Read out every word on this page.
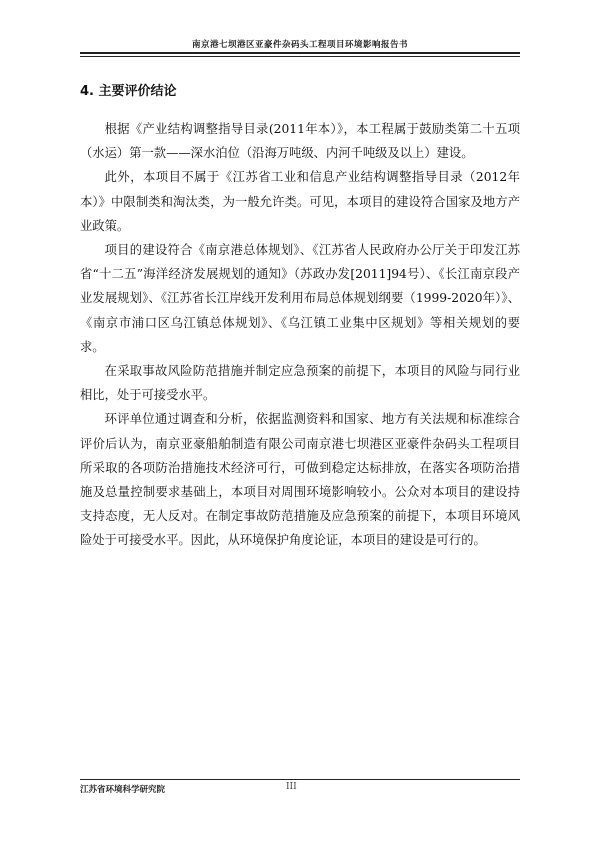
南京港七坝港区亚豪件杂码头工程项目环境影响报告书
4. 主要评价结论

根据《产业结构调整指导目录(2011年本）》，本工程属于鼓励类第二十五项（水运）第一款——深水泊位（沿海万吨级、内河千吨级及以上）建设。

此外，本项目不属于《江苏省工业和信息产业结构调整指导目录（2012年本）》中限制类和淘汰类，为一般允许类。可见，本项目的建设符合国家及地方产业政策。

项目的建设符合《南京港总体规划》、《江苏省人民政府办公厅关于印发江苏省“十二五”海洋经济发展规划的通知》（苏政办发[2011]94号）、《长江南京段产业发展规划》、《江苏省长江岸线开发利用布局总体规划纲要（1999-2020年）》、《南京市浦口区乌江镇总体规划》、《乌江镇工业集中区规划》等相关规划的要求。

在采取事故风险防范措施并制定应急预案的前提下，本项目的风险与同行业相比，处于可接受水平。

环评单位通过调查和分析，依据监测资料和国家、地方有关法规和标准综合评价后认为，南京亚豪船舶制造有限公司南京港七坝港区亚豪件杂码头工程项目所采取的各项防治措施技术经济可行，可做到稳定达标排放，在落实各项防治措施及总量控制要求基础上，本项目对周围环境影响较小。公众对本项目的建设持支持态度，无人反对。在制定事故防范措施及应急预案的前提下，本项目环境风险处于可接受水平。因此，从环境保护角度论证，本项目的建设是可行的。

江苏省环境科学研究院	III
